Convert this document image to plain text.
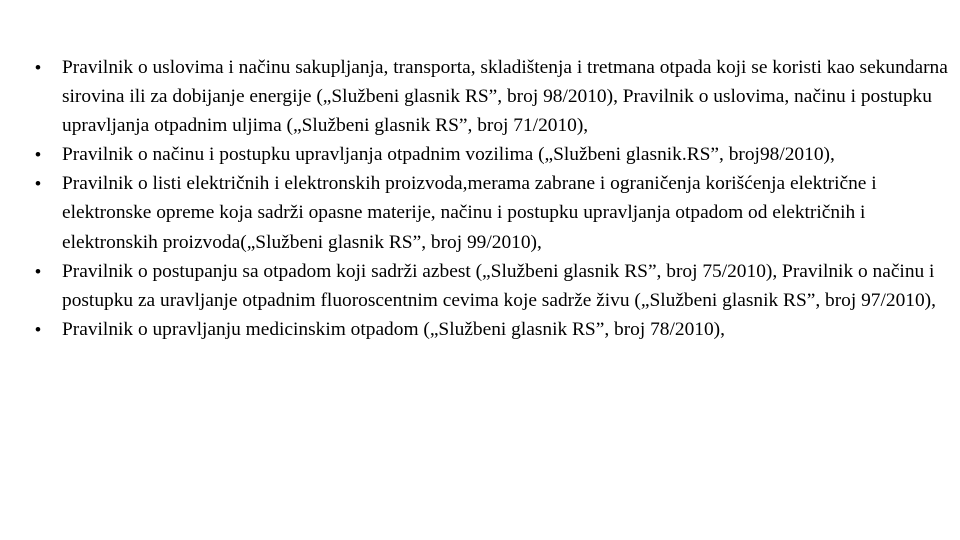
• Pravilnik o uslovima i načinu sakupljanja, transporta, skladištenja i tretmana otpada koji se koristi kao sekundarna sirovina ili za dobijanje energije („Službeni glasnik RS”, broj 98/2010), Pravilnik o uslovima, načinu i postupku upravljanja otpadnim uljima („Službeni glasnik RS”, broj 71/2010),
• Pravilnik o načinu i postupku upravljanja otpadnim vozilima („Službeni glasnik.RS”, broj98/2010),
• Pravilnik o listi električnih i elektronskih proizvoda,merama zabrane i ograničenja korišćenja električne i elektronske opreme koja sadrži opasne materije, načinu i postupku upravljanja otpadom od električnih i elektronskih proizvoda(„Službeni glasnik RS”, broj 99/2010),
• Pravilnik o postupanju sa otpadom koji sadrži azbest („Službeni glasnik RS”, broj 75/2010), Pravilnik o načinu i postupku za uravljanje otpadnim fluoroscentnim cevima koje sadrže živu („Službeni glasnik RS”, broj 97/2010),
• Pravilnik o upravljanju medicinskim otpadom („Službeni glasnik RS”, broj 78/2010),
